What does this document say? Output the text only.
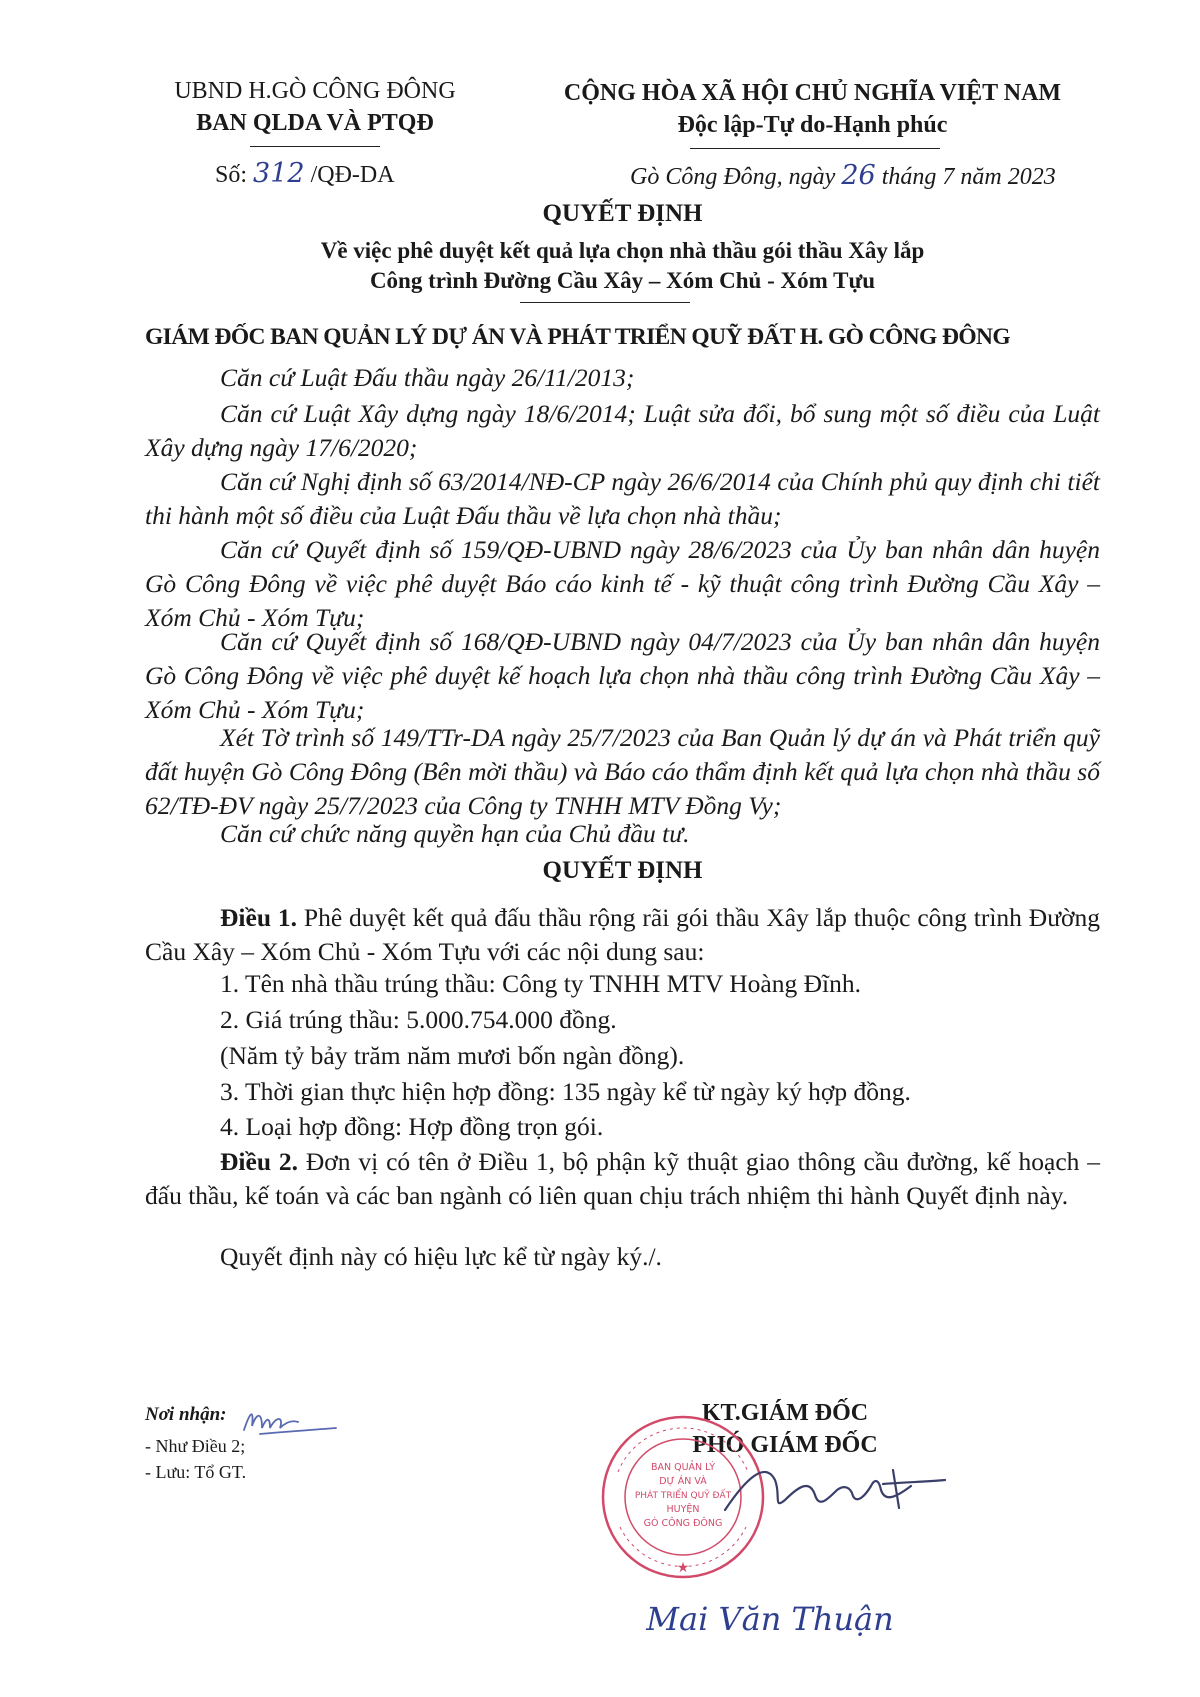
UBND H.GÒ CÔNG ĐÔNG
BAN QLDA VÀ PTQĐ
CỘNG HÒA XÃ HỘI CHỦ NGHĨA VIỆT NAM
Độc lập-Tự do-Hạnh phúc
Số: 312 /QĐ-DA	Gò Công Đông, ngày 26 tháng 7 năm 2023
QUYẾT ĐỊNH
Về việc phê duyệt kết quả lựa chọn nhà thầu gói thầu Xây lắp
Công trình Đường Cầu Xây – Xóm Chủ - Xóm Tựu
GIÁM ĐỐC BAN QUẢN LÝ DỰ ÁN VÀ PHÁT TRIỂN QUỸ ĐẤT H. GÒ CÔNG ĐÔNG

Căn cứ Luật Đấu thầu ngày 26/11/2013;

Căn cứ Luật Xây dựng ngày 18/6/2014; Luật sửa đổi, bổ sung một số điều của Luật Xây dựng ngày 17/6/2020;

Căn cứ Nghị định số 63/2014/NĐ-CP ngày 26/6/2014 của Chính phủ quy định chi tiết thi hành một số điều của Luật Đấu thầu về lựa chọn nhà thầu;

Căn cứ Quyết định số 159/QĐ-UBND ngày 28/6/2023 của Ủy ban nhân dân huyện Gò Công Đông về việc phê duyệt Báo cáo kinh tế - kỹ thuật công trình Đường Cầu Xây – Xóm Chủ - Xóm Tựu;

Căn cứ Quyết định số 168/QĐ-UBND ngày 04/7/2023 của Ủy ban nhân dân huyện Gò Công Đông về việc phê duyệt kế hoạch lựa chọn nhà thầu công trình Đường Cầu Xây – Xóm Chủ - Xóm Tựu;

Xét Tờ trình số 149/TTr-DA ngày 25/7/2023 của Ban Quản lý dự án và Phát triển quỹ đất huyện Gò Công Đông (Bên mời thầu) và Báo cáo thẩm định kết quả lựa chọn nhà thầu số 62/TĐ-ĐV ngày 25/7/2023 của Công ty TNHH MTV Đồng Vy;

Căn cứ chức năng quyền hạn của Chủ đầu tư.

QUYẾT ĐỊNH

Điều 1. Phê duyệt kết quả đấu thầu rộng rãi gói thầu Xây lắp thuộc công trình Đường Cầu Xây – Xóm Chủ - Xóm Tựu với các nội dung sau:

1. Tên nhà thầu trúng thầu: Công ty TNHH MTV Hoàng Đĩnh.
2. Giá trúng thầu: 5.000.754.000 đồng.
(Năm tỷ bảy trăm năm mươi bốn ngàn đồng).
3. Thời gian thực hiện hợp đồng: 135 ngày kể từ ngày ký hợp đồng.
4. Loại hợp đồng: Hợp đồng trọn gói.

Điều 2. Đơn vị có tên ở Điều 1, bộ phận kỹ thuật giao thông cầu đường, kế hoạch – đấu thầu, kế toán và các ban ngành có liên quan chịu trách nhiệm thi hành Quyết định này.

Quyết định này có hiệu lực kể từ ngày ký./.
Nơi nhận:
- Như Điều 2;
- Lưu: Tổ GT.
KT.GIÁM ĐỐC
PHÓ GIÁM ĐỐC
★
BAN QUẢN LÝ
DỰ ÁN VÀ
PHÁT TRIỂN QUỸ ĐẤT
HUYỆN
GÒ CÔNG ĐÔNG
Mai Văn Thuận
